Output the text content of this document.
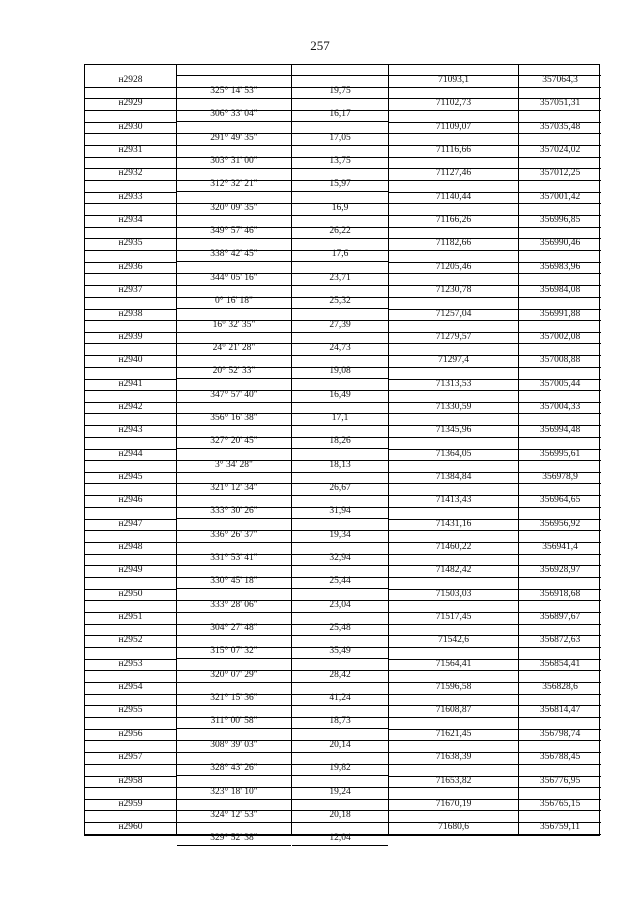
257
н2928
н2929
н2930
н2931
н2932
н2933
н2934
н2935
н2936
н2937
н2938
н2939
н2940
н2941
н2942
н2943
н2944
н2945
н2946
н2947
н2948
н2949
н2950
н2951
н2952
н2953
н2954
н2955
н2956
н2957
н2958
н2959
н2960
325° 14' 53"
306° 33' 04"
291° 49' 35"
303° 31' 00"
312° 32' 21"
320° 09' 35"
349° 57' 46"
338° 42' 45"
344° 05' 16"
0° 16' 18"
16° 32' 35"
24° 21' 28"
20° 52' 33"
347° 57' 40"
356° 16' 38"
327° 20' 45"
3° 34' 28"
321° 12' 34"
333° 30' 26"
336° 26' 37"
331° 53' 41"
330° 45' 18"
333° 28' 06"
304° 27' 48"
315° 07' 32"
320° 07' 29"
321° 15' 36"
311° 00' 58"
308° 39' 03"
328° 43' 26"
323° 18' 10"
324° 12' 53"
329° 52' 38"
19,75
16,17
17,05
13,75
15,97
16,9
26,22
17,6
23,71
25,32
27,39
24,73
19,08
16,49
17,1
18,26
18,13
26,67
31,94
19,34
32,94
25,44
23,04
25,48
35,49
28,42
41,24
18,73
20,14
19,82
19,24
20,18
12,04
71093,1
71102,73
71109,07
71116,66
71127,46
71140,44
71166,26
71182,66
71205,46
71230,78
71257,04
71279,57
71297,4
71313,53
71330,59
71345,96
71364,05
71384,84
71413,43
71431,16
71460,22
71482,42
71503,03
71517,45
71542,6
71564,41
71596,58
71608,87
71621,45
71638,39
71653,82
71670,19
71680,6
357064,3
357051,31
357035,48
357024,02
357012,25
357001,42
356996,85
356990,46
356983,96
356984,08
356991,88
357002,08
357008,88
357005,44
357004,33
356994,48
356995,61
356978,9
356964,65
356956,92
356941,4
356928,97
356918,68
356897,67
356872,63
356854,41
356828,6
356814,47
356798,74
356788,45
356776,95
356765,15
356759,11
